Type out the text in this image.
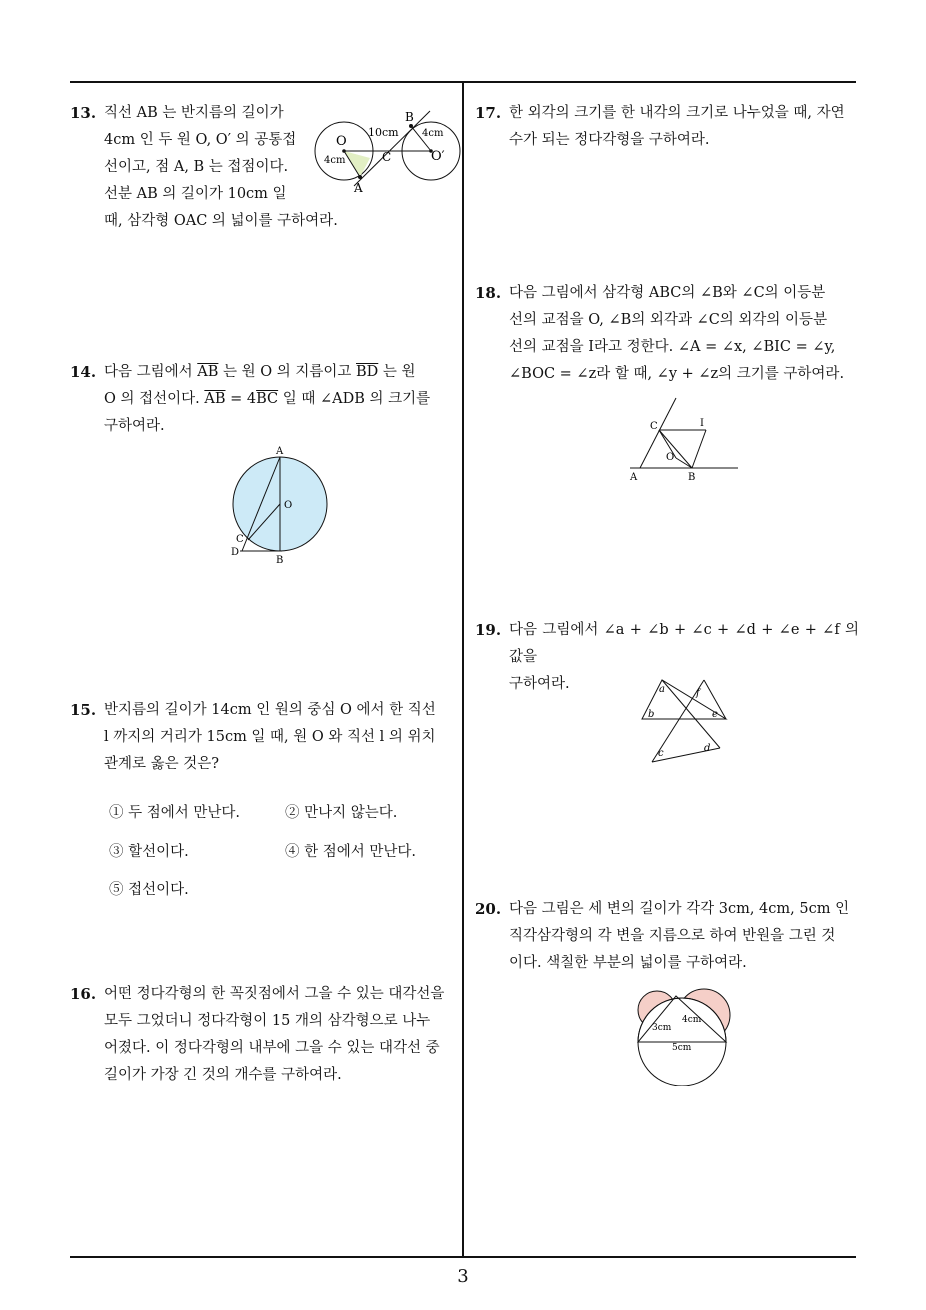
13. 직선 AB 는 반지름의 길이가

4cm 인 두 원 O, O′ 의 공통접

선이고, 점 A, B 는 접점이다.

선분 AB 의 길이가 10cm 일

때, 삼각형 OAC 의 넓이를 구하여라.

O
O′
A
B
C
10cm
4cm
4cm
14. 다음 그림에서 $\overline{AB}$ 는 원 O 의 지름이고 $\overline{BD}$ 는 원

O 의 접선이다. $\overline{AB} = 4\overline{BC}$ 일 때 ∠ADB 의 크기를

구하여라.

A
O
C
D
B
15. 반지름의 길이가 14cm 인 원의 중심 O 에서 한 직선

l 까지의 거리가 15cm 일 때, 원 O 와 직선 l 의 위치

관계로 옳은 것은?

① 두 점에서 만난다.	② 만나지 않는다.
③ 할선이다.	④ 한 점에서 만난다.
⑤ 접선이다.
16. 어떤 정다각형의 한 꼭짓점에서 그을 수 있는 대각선을

모두 그었더니 정다각형이 15 개의 삼각형으로 나누

어졌다. 이 정다각형의 내부에 그을 수 있는 대각선 중

길이가 가장 긴 것의 개수를 구하여라.

17. 한 외각의 크기를 한 내각의 크기로 나누었을 때, 자연

수가 되는 정다각형을 구하여라.

18. 다음 그림에서 삼각형 ABC의 ∠B와 ∠C의 이등분

선의 교점을 O, ∠B의 외각과 ∠C의 외각의 이등분

선의 교점을 I라고 정한다. ∠A = ∠x, ∠BIC = ∠y,

∠BOC = ∠z라 할 때, ∠y + ∠z의 크기를 구하여라.

C	I
O
A	B
19. 다음 그림에서 ∠a + ∠b + ∠c + ∠d + ∠e + ∠f 의 값을

구하여라.	a
b
c	d
e
f
20. 다음 그림은 세 변의 길이가 각각 3cm, 4cm, 5cm 인

직각삼각형의 각 변을 지름으로 하여 반원을 그린 것

이다. 색칠한 부분의 넓이를 구하여라.

3cm
4cm
5cm
3
